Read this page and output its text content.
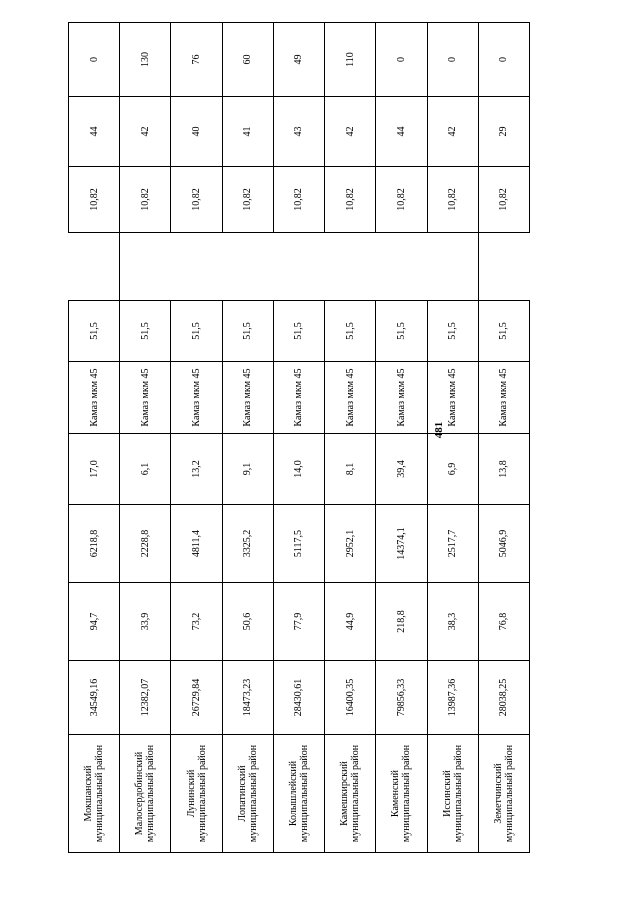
481
Мокшанский муниципальный район	34549,16	94,7	6218,8	17,0	Камаз мкм 45	51,5		10,82	44	0
Малосердобинский муниципальный район	12382,07	33,9	2228,8	6,1	Камаз мкм 45	51,5		10,82	42	130
Лунинский муниципальный район	26729,84	73,2	4811,4	13,2	Камаз мкм 45	51,5		10,82	40	76
Лопатинский муниципальный район	18473,23	50,6	3325,2	9,1	Камаз мкм 45	51,5		10,82	41	60
Колышлейский муниципальный район	28430,61	77,9	5117,5	14,0	Камаз мкм 45	51,5		10,82	43	49
Камешкирский муниципальный район	16400,35	44,9	2952,1	8,1	Камаз мкм 45	51,5		10,82	42	110
Каменский муниципальный район	79856,33	218,8	14374,1	39,4	Камаз мкм 45	51,5		10,82	44	0
Иссинский муниципальный район	13987,36	38,3	2517,7	6,9	Камаз мкм 45	51,5		10,82	42	0
Земетчинский муниципальный район	28038,25	76,8	5046,9	13,8	Камаз мкм 45	51,5		10,82	29	0
